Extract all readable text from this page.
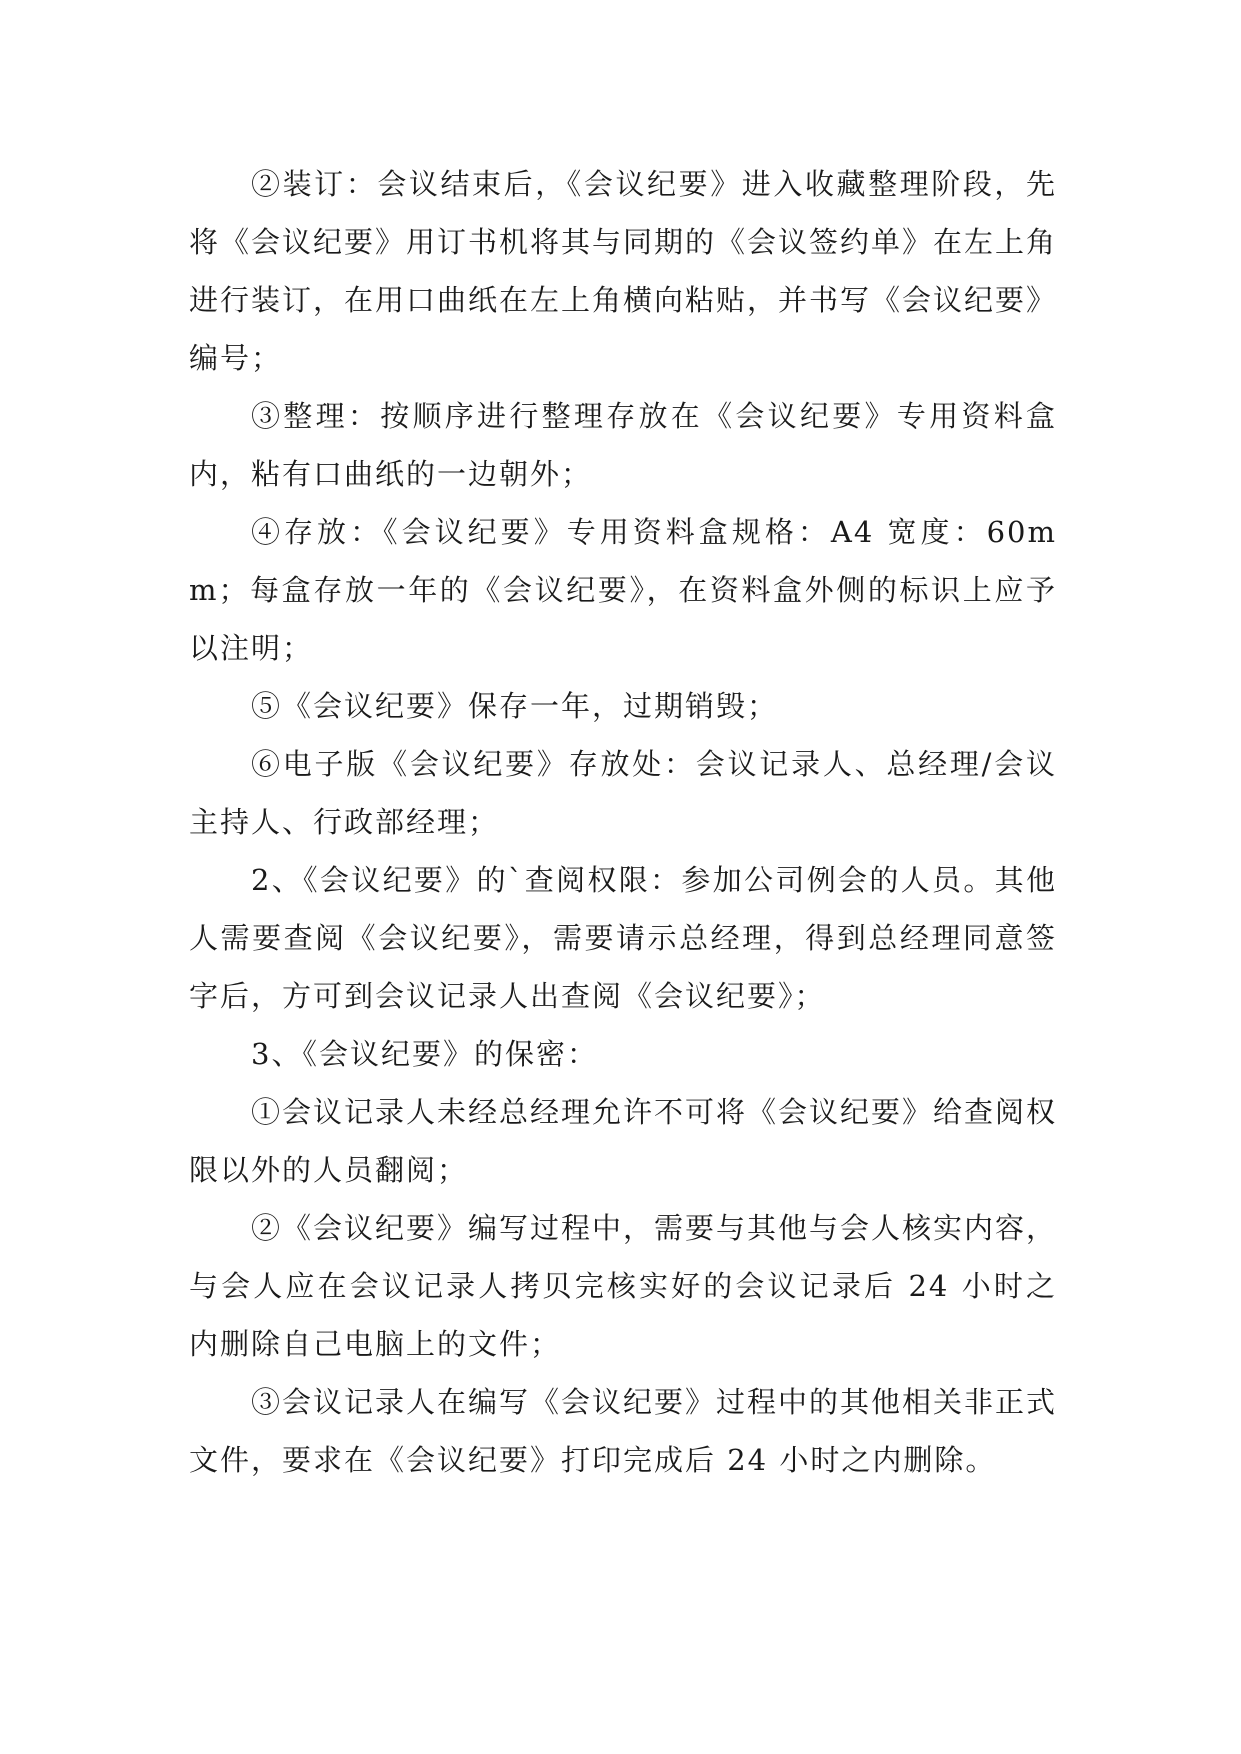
②装订：会议结束后，《会议纪要》进入收藏整理阶段，先将《会议纪要》用订书机将其与同期的《会议签约单》在左上角进行装订，在用口曲纸在左上角横向粘贴，并书写《会议纪要》编号；

③整理：按顺序进行整理存放在《会议纪要》专用资料盒内，粘有口曲纸的一边朝外；

④存放：《会议纪要》专用资料盒规格：A4 宽度：60mm；每盒存放一年的《会议纪要》，在资料盒外侧的标识上应予以注明；

⑤《会议纪要》保存一年，过期销毁；

⑥电子版《会议纪要》存放处：会议记录人、总经理/会议主持人、行政部经理；

2、《会议纪要》的`查阅权限：参加公司例会的人员。其他人需要查阅《会议纪要》，需要请示总经理，得到总经理同意签字后，方可到会议记录人出查阅《会议纪要》；

3、《会议纪要》的保密：

①会议记录人未经总经理允许不可将《会议纪要》给查阅权限以外的人员翻阅；

②《会议纪要》编写过程中，需要与其他与会人核实内容，与会人应在会议记录人拷贝完核实好的会议记录后 24 小时之内删除自己电脑上的文件；

③会议记录人在编写《会议纪要》过程中的其他相关非正式文件，要求在《会议纪要》打印完成后 24 小时之内删除。
